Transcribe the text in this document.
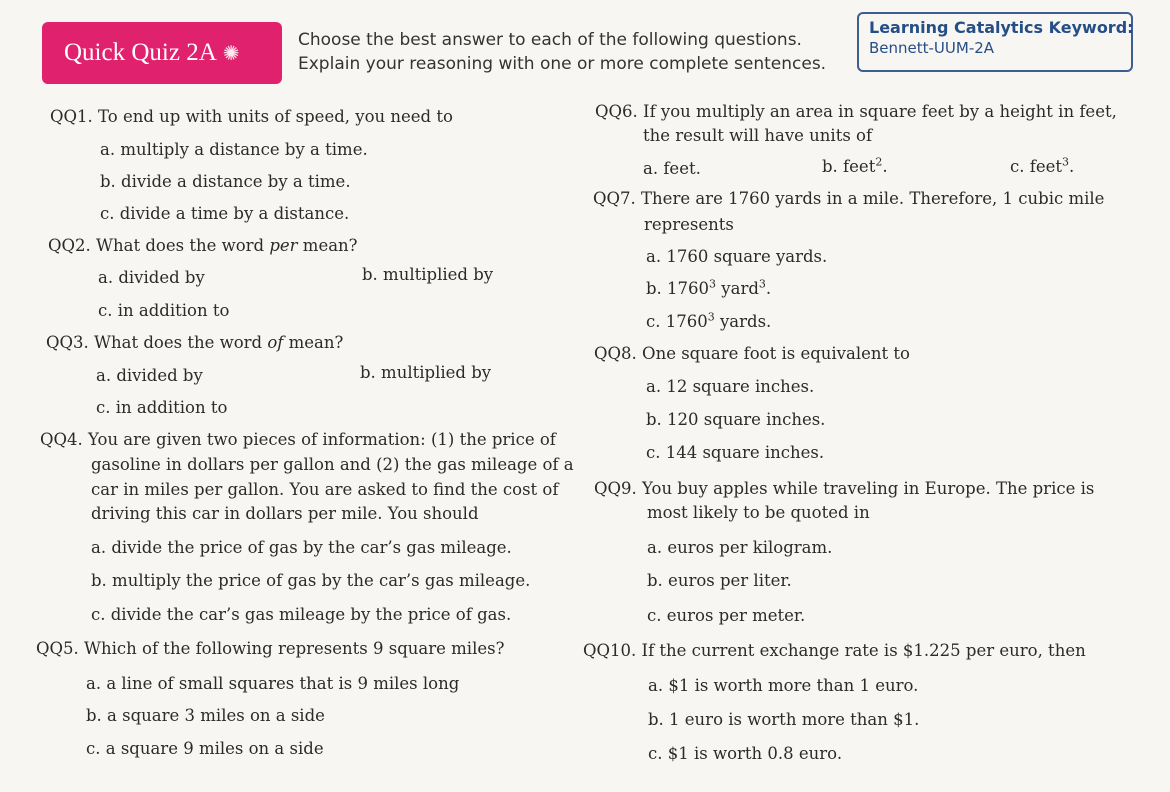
Quick Quiz 2A ✺
Choose the best answer to each of the following questions.
Explain your reasoning with one or more complete sentences.
Learning Catalytics Keyword:
Bennett-UUM-2A
QQ1. To end up with units of speed, you need to
a. multiply a distance by a time.
b. divide a distance by a time.
c. divide a time by a distance.
QQ2. What does the word per mean?
a. divided by	b. multiplied by
c. in addition to
QQ3. What does the word of mean?
a. divided by	b. multiplied by
c. in addition to
QQ4. You are given two pieces of information: (1) the price of
gasoline in dollars per gallon and (2) the gas mileage of a
car in miles per gallon. You are asked to find the cost of
driving this car in dollars per mile. You should
a. divide the price of gas by the car’s gas mileage.
b. multiply the price of gas by the car’s gas mileage.
c. divide the car’s gas mileage by the price of gas.
QQ5. Which of the following represents 9 square miles?
a. a line of small squares that is 9 miles long
b. a square 3 miles on a side
c. a square 9 miles on a side
QQ6. If you multiply an area in square feet by a height in feet,
the result will have units of
a. feet.	b. feet$^2$.	c. feet$^3$.
QQ7. There are 1760 yards in a mile. Therefore, 1 cubic mile
represents
a. 1760 square yards.
b. 1760$^3$ yard$^3$.
c. 1760$^3$ yards.
QQ8. One square foot is equivalent to
a. 12 square inches.
b. 120 square inches.
c. 144 square inches.
QQ9. You buy apples while traveling in Europe. The price is
most likely to be quoted in
a. euros per kilogram.
b. euros per liter.
c. euros per meter.
QQ10. If the current exchange rate is $1.225 per euro, then
a. $1 is worth more than 1 euro.
b. 1 euro is worth more than $1.
c. $1 is worth 0.8 euro.
